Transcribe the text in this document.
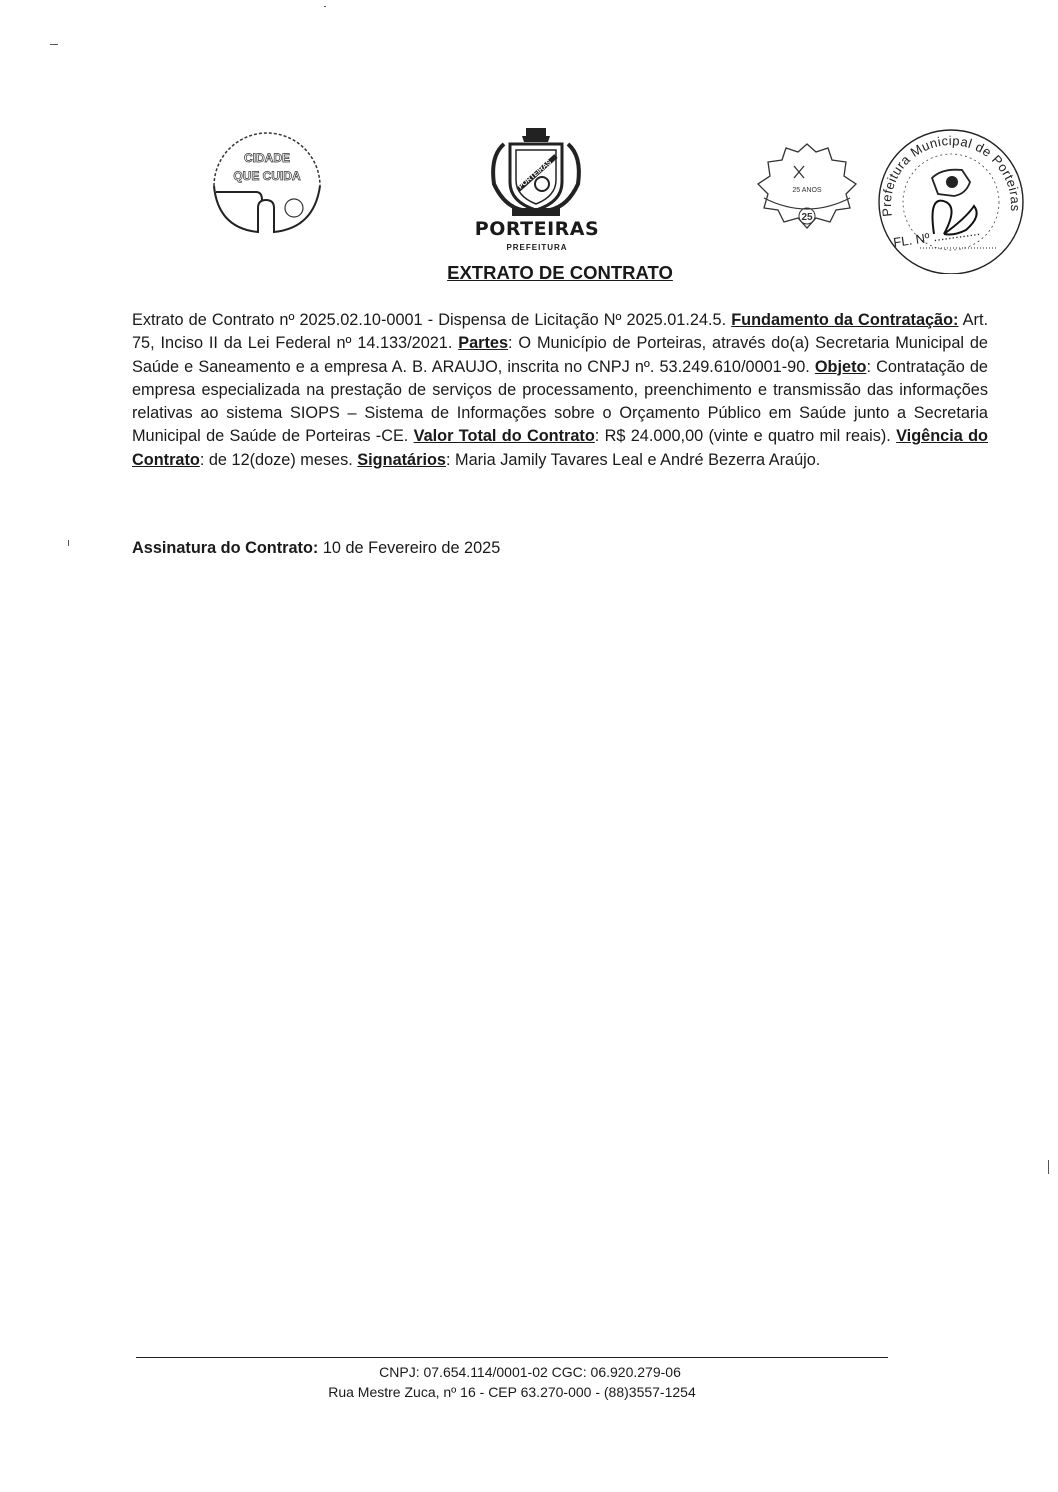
CIDADE
QUE CUIDA	PORTEIRAS
PORTEIRAS
PREFEITURA
EXTRATO DE CONTRATO
25 ANOS
25	Prefeitura Municipal de Porteiras
FL. Nº .............
Extrato de Contrato nº 2025.02.10-0001 - Dispensa de Licitação Nº 2025.01.24.5. Fundamento da Contratação: Art. 75, Inciso II da Lei Federal nº 14.133/2021. Partes: O Município de Porteiras, através do(a) Secretaria Municipal de Saúde e Saneamento e a empresa A. B. ARAUJO, inscrita no CNPJ nº. 53.249.610/0001-90. Objeto: Contratação de empresa especializada na prestação de serviços de processamento, preenchimento e transmissão das informações relativas ao sistema SIOPS – Sistema de Informações sobre o Orçamento Público em Saúde junto a Secretaria Municipal de Saúde de Porteiras -CE. Valor Total do Contrato: R$ 24.000,00 (vinte e quatro mil reais). Vigência do Contrato: de 12(doze) meses. Signatários: Maria Jamily Tavares Leal e André Bezerra Araújo.
Assinatura do Contrato: 10 de Fevereiro de 2025
CNPJ: 07.654.114/0001-02 CGC: 06.920.279-06
Rua Mestre Zuca, nº 16 - CEP 63.270-000 - (88)3557-1254
